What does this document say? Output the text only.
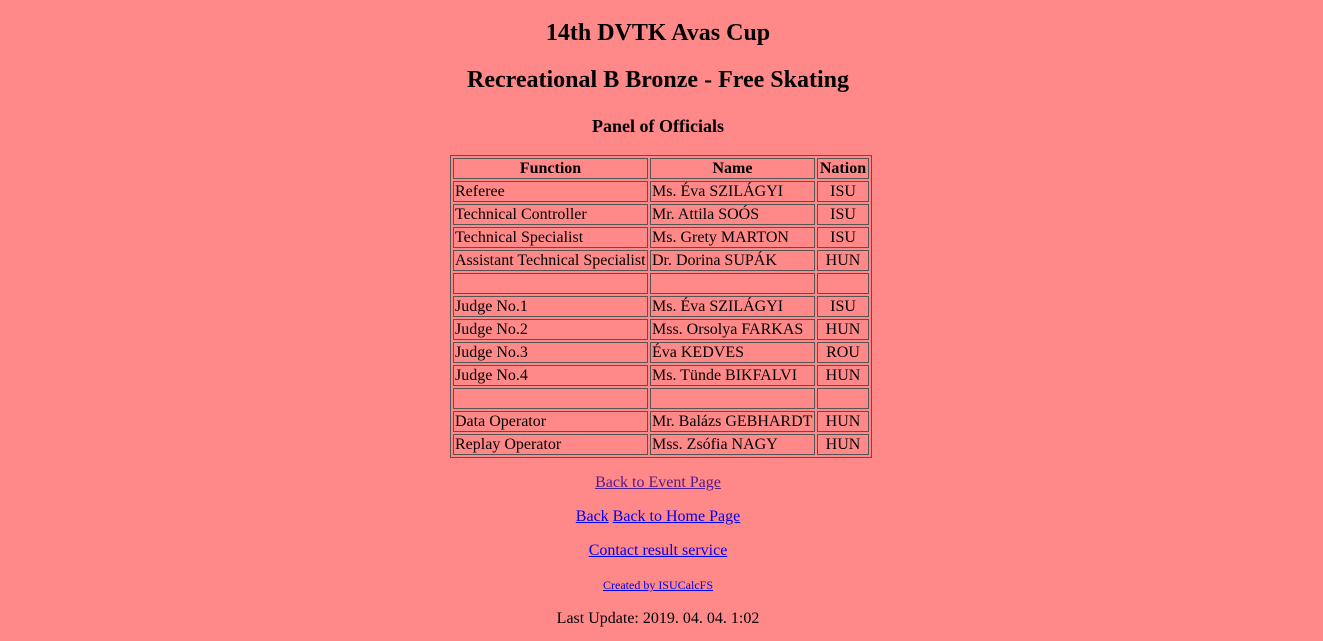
14th DVTK Avas Cup
Recreational B Bronze - Free Skating
Panel of Officials
Function	Name	Nation
Referee	Ms. Éva SZILÁGYI	ISU
Technical Controller	Mr. Attila SOÓS	ISU
Technical Specialist	Ms. Grety MARTON	ISU
Assistant Technical Specialist	Dr. Dorina SUPÁK	HUN

Judge No.1	Ms. Éva SZILÁGYI	ISU
Judge No.2	Mss. Orsolya FARKAS	HUN
Judge No.3	Éva KEDVES	ROU
Judge No.4	Ms. Tünde BIKFALVI	HUN

Data Operator	Mr. Balázs GEBHARDT	HUN
Replay Operator	Mss. Zsófia NAGY	HUN
Back to Event Page
Back Back to Home Page
Contact result service
Created by ISUCalcFS
Last Update: 2019. 04. 04. 1:02
